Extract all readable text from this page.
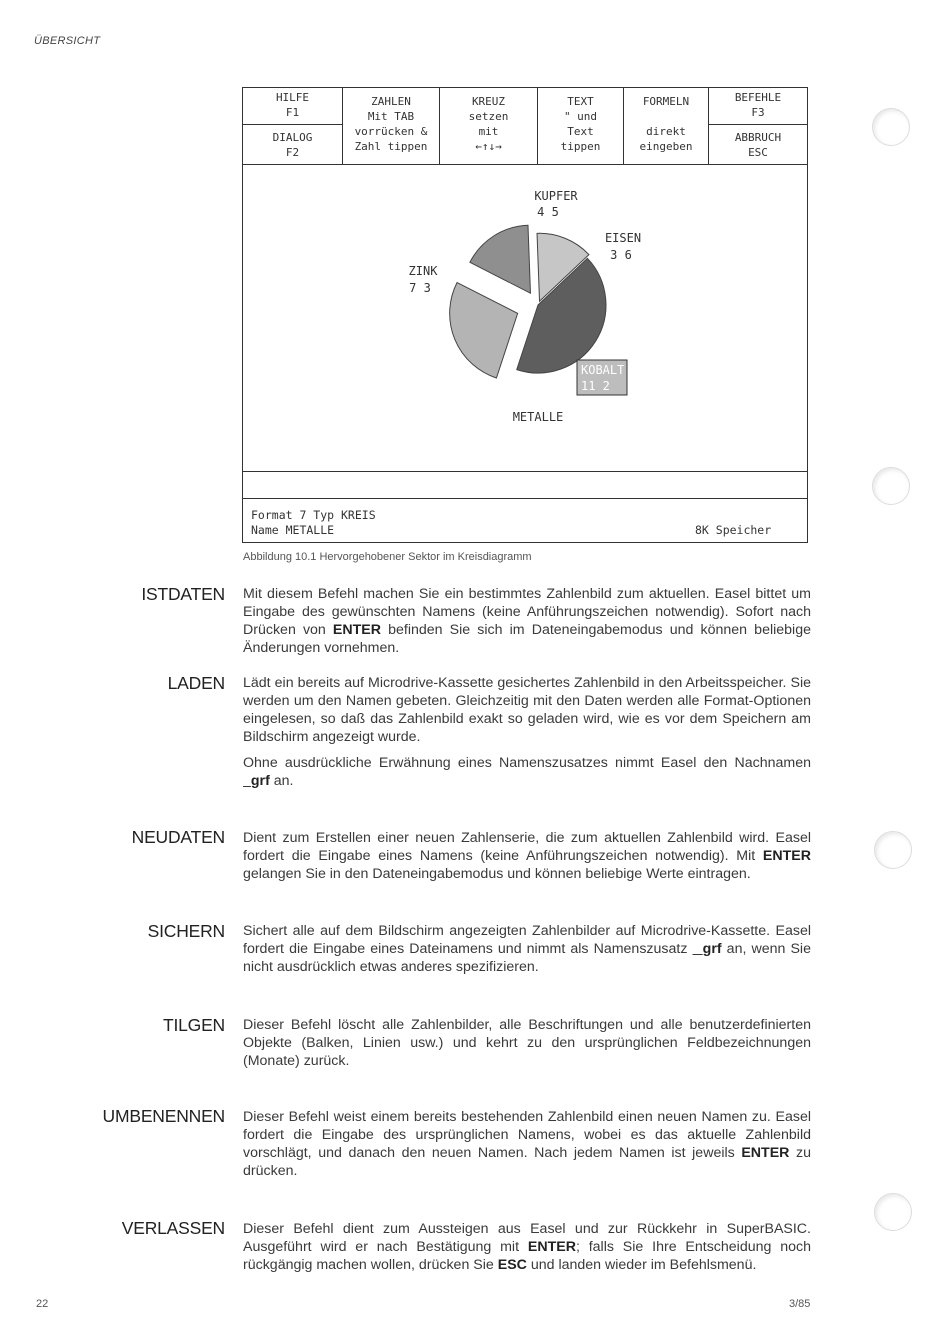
ÜBERSICHT
HILFE
F1
DIALOG
F2
ZAHLEN
Mit TAB
vorrücken &
Zahl tippen
KREUZ
setzen
mit
←↑↓→
TEXT
" und
Text
tippen
FORMELN
direkt
eingeben
BEFEHLE
F3
ABBRUCH
ESC
KUPFER
4 5
EISEN
3 6
ZINK
7 3
KOBALT
11 2
METALLE
Format 7 Typ KREIS
Name METALLE	8K Speicher
Abbildung 10.1 Hervorgehobener Sektor im Kreisdiagramm
ISTDATEN Mit diesem Befehl machen Sie ein bestimmtes Zahlenbild zum aktuellen. Easel bittet um Eingabe des gewünschten Namens (keine Anführungszeichen notwendig). Sofort nach Drücken von ENTER befinden Sie sich im Dateneingabemodus und können beliebige Änderungen vornehmen.
LADEN Lädt ein bereits auf Microdrive-Kassette gesichertes Zahlenbild in den Arbeitsspeicher. Sie werden um den Namen gebeten. Gleichzeitig mit den Daten werden alle Format-Optionen eingelesen, so daß das Zahlenbild exakt so geladen wird, wie es vor dem Speichern am Bildschirm angezeigt wurde.
Ohne ausdrückliche Erwähnung eines Namenszusatzes nimmt Easel den Nachnamen   grf an.
NEUDATEN Dient zum Erstellen einer neuen Zahlenserie, die zum aktuellen Zahlenbild wird. Easel fordert die Eingabe eines Namens (keine Anführungszeichen notwendig). Mit ENTER gelangen Sie in den Dateneingabemodus und können beliebige Werte eintragen.
SICHERN Sichert alle auf dem Bildschirm angezeigten Zahlenbilder auf Microdrive-Kassette. Easel fordert die Eingabe eines Dateinamens und nimmt als Namenszusatz   grf an, wenn Sie nicht ausdrücklich etwas anderes spezifizieren.
TILGEN Dieser Befehl löscht alle Zahlenbilder, alle Beschriftungen und alle benutzerdefinierten Objekte (Balken, Linien usw.) und kehrt zu den ursprünglichen Feldbezeichnungen (Monate) zurück.
UMBENENNEN Dieser Befehl weist einem bereits bestehenden Zahlenbild einen neuen Namen zu. Easel fordert die Eingabe des ursprünglichen Namens, wobei es das aktuelle Zahlenbild vorschlägt, und danach den neuen Namen. Nach jedem Namen ist jeweils ENTER zu drücken.
VERLASSEN Dieser Befehl dient zum Aussteigen aus Easel und zur Rückkehr in SuperBASIC. Ausgeführt wird er nach Bestätigung mit ENTER; falls Sie Ihre Entscheidung noch rückgängig machen wollen, drücken Sie ESC und landen wieder im Befehlsmenü.
22	3/85
